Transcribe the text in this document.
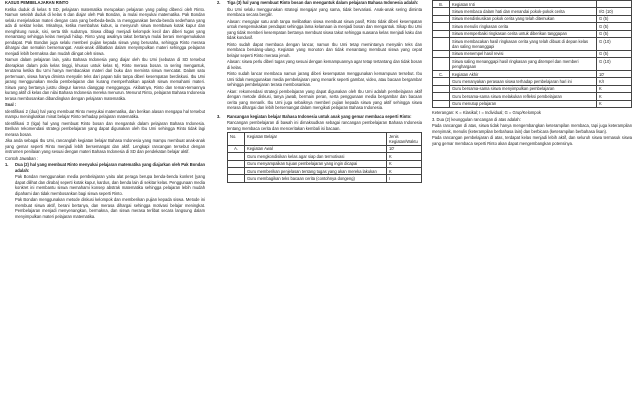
KASUS PEMBELAJARAN RINTO

Ketika duduk di kelas 5 SD, pelajaran matematika merupakan pelajaran yang paling dibenci oleh Rinto. Namun setelah duduk di kelas 6 dan diajar oleh Pak Bondan, ia mulai menyukai matematika. Pak Bondan selalu menjelaskan materi dengan cara yang berbeda-beda. Ia menggunakan benda-benda sederhana yang ada di sekitar kelas. Misalnya, ketika membahas kubus, ia menyuruh siswa membawa kotak kapur dan menghitung rusuk, sisi, serta titik sudutnya. Siswa dibagi menjadi kelompok kecil dan diberi tugas yang menantang sehingga kelas menjadi hidup. Rinto yang awalnya takut bertanya mulai berani mengemukakan pendapat. Pak Bondan juga selalu memberi pujian kepada siswa yang berusaha, sehingga Rinto merasa dihargai dan semakin bersemangat. Anak-anak dilibatkan dalam menyimpulkan materi sehingga pelajaran menjadi lebih bermakna dan mudah diingat oleh siswa.

Namun dalam pelajaran lain, yaitu Bahasa Indonesia yang diajar oleh Ibu Umi (sebutan di SD tersebut diterapkan dalam pola kelas tinggi, khusus untuk kelas 6), Rinto merasa bosan. Ia sering mengantuk, terutama ketika Ibu Umi hanya membacakan materi dari buku dan meminta siswa mencatat. Dalam satu pertemuan, siswa hanya diminta menyalin teks dari papan tulis tanpa diberi kesempatan berdiskusi. Ibu Umi jarang menggunakan media pembelajaran dan kurang memperhatikan apakah siswa memahami materi. Siswa yang bertanya justru ditegur karena dianggap mengganggu. Akibatnya, Rinto dan teman-temannya kurang aktif di kelas dan nilai Bahasa Indonesia mereka menurun. Menurut Rinto, pelajaran Bahasa Indonesia terasa membosankan dibandingkan dengan pelajaran matematika.

Soal :

Identifikasi 2 (dua) hal yang membuat Rinto menyukai matematika, dan berikan alasan mengapa hal tersebut mampu meningkatkan minat belajar Rinto terhadap pelajaran matematika.

Identifikasi 3 (tiga) hal yang membuat Rinto bosan dan mengantuk dalam pelajaran Bahasa Indonesia. Berikan rekomendasi strategi pembelajaran yang dapat digunakan oleh Ibu Umi sehingga Rinto tidak lagi merasa bosan.

Jika anda sebagai Ibu Umi, rancanglah kegiatan belajar Bahasa Indonesia yang mampu membuat anak-anak yang gemar seperti Rinto menjadi lebih bersemangat dan aktif. Lengkapi rancangan tersebut dengan instrumen penilaian yang sesuai dengan materi Bahasa Indonesia di SD dan pendekatan belajar aktif.

Contoh Jawaban :

1.	Dua (2) hal yang membuat Rinto menyukai pelajaran matematika yang diajarkan oleh Pak Bondan adalah:

Pak Bondan menggunakan media pembelajaran yaitu alat peraga berupa benda-benda konkret (yang dapat dilihat dan diraba) seperti kotak kapur, kardus, dan benda lain di sekitar kelas. Penggunaan media konkret ini membantu siswa memahami konsep abstrak matematika sehingga pelajaran lebih mudah dipahami dan tidak membosankan bagi siswa seperti Rinto.

Pak Bondan menggunakan metode diskusi kelompok dan memberikan pujian kepada siswa. Metode ini membuat siswa aktif, berani bertanya, dan merasa dihargai sehingga motivasi belajar meningkat. Pembelajaran menjadi menyenangkan, bermakna, dan siswa merasa terlibat secara langsung dalam menyimpulkan materi pelajaran matematika.

2.	Tiga (3) hal yang membuat Rinto bosan dan mengantuk dalam pelajaran Bahasa Indonesia adalah:

Ibu Umi selalu menggunakan strategi mengajar yang sama, tidak bervariasi. Anak-anak sering diminta membaca secara bergilir.

Alasan: mengajar satu arah tanpa melibatkan siswa membuat siswa pasif, Rinto tidak diberi kesempatan untuk mengemukakan pendapat sehingga lama kelamaan ia menjadi bosan dan mengantuk. Sikap Ibu Umi yang tidak memberi kesempatan bertanya membuat siswa takut sehingga suasana kelas menjadi kaku dan tidak kondusif.

Rinto sudah dapat membaca dengan lancar, namun Ibu Umi tetap memintanya menyalin teks dan membaca berulang-ulang. Kegiatan yang monoton dan tidak menantang membuat siswa yang cepat belajar seperti Rinto merasa jenuh.

Alasan: siswa perlu diberi tugas yang sesuai dengan kemampuannya agar tetap tertantang dan tidak bosan di kelas.

Rinto sudah lancar membaca namun jarang diberi kesempatan menggunakan kemampuan tersebut. Ibu Umi tidak menggunakan media pembelajaran yang menarik seperti gambar, video, atau bacaan bergambar sehingga pembelajaran terasa membosankan.

Akan: rekomendasi strategi pembelajaran yang dapat digunakan oleh Ibu Umi adalah pembelajaran aktif dengan metode diskusi, tanya jawab, bermain peran, serta penggunaan media bergambar dan bacaan cerita yang menarik. Ibu Umi juga sebaiknya memberi pujian kepada siswa yang aktif sehingga siswa merasa dihargai dan lebih bersemangat dalam mengikuti pelajaran Bahasa Indonesia.

3.	Rancangan kegiatan belajar Bahasa Indonesia untuk anak yang gemar membaca seperti Rinto:

Rancangan pembelajaran di bawah ini dimaksudkan sebagai rancangan pembelajaran Bahasa Indonesia tentang membaca cerita dan menceritakan kembali isi bacaan.

No.	Kegiatan Belajar	Jenis Kegiatan/Waktu
A.	Kegiatan Awal	10'
	Guru mengkondisikan kelas agar siap dan termotivasi	K
	Guru menyampaikan tujuan pembelajaran yang ingin dicapai	K
	Guru memberikan penjelasan tentang tugas yang akan mereka lakukan	K
	Guru membagikan teks bacaan cerita (contohnya dongeng)	I
B.	Kegiatan Inti	
	Siswa membaca dalam hati dan menandai pokok-pokok cerita	I/G (10)
	Siswa mendiskusikan pokok cerita yang telah ditemukan	G (5)
	Siswa menulis ringkasan cerita	G (5)
	Siswa memperbaiki ringkasan cerita untuk diberikan tanggapan	G (5)
	Siswa membacakan hasil ringkasan cerita yang telah dibuat di depan kelas dan saling menanggapi	G (10)
	Siswa menempel hasil revisi	G (5)
	Siswa saling menanggapi hasil ringkasan yang ditempel dan memberi penghargaan	G (10)
C.	Kegiatan Akhir	10'
	Guru menanyakan perasaan siswa terhadap pembelajaran hari ini	K/I
	Guru bersama-sama siswa menyimpulkan pembelajaran	K
	Guru bersama-sama siswa melakukan refleksi pembelajaran	K
	Guru menutup pelajaran	K

Keterangan: K = Klasikal; I = Individual; G = Grup/Kelompok

3. Dua (2) keunggulan rancangan di atas adalah:

Pada rancangan di atas, siswa tidak hanya mengembangkan keterampilan membaca, tapi juga keterampilan menyimak, menulis (keterampilan berbahasa lain) dan berbicara (keterampilan berbahasa lisan).

Pada rancangan pembelajaran di atas, terdapat kelas menjadi lebih aktif, dan seluruh siswa termasuk siswa yang gemar membaca seperti Rinto akan dapat mengembangkan potensinya.
